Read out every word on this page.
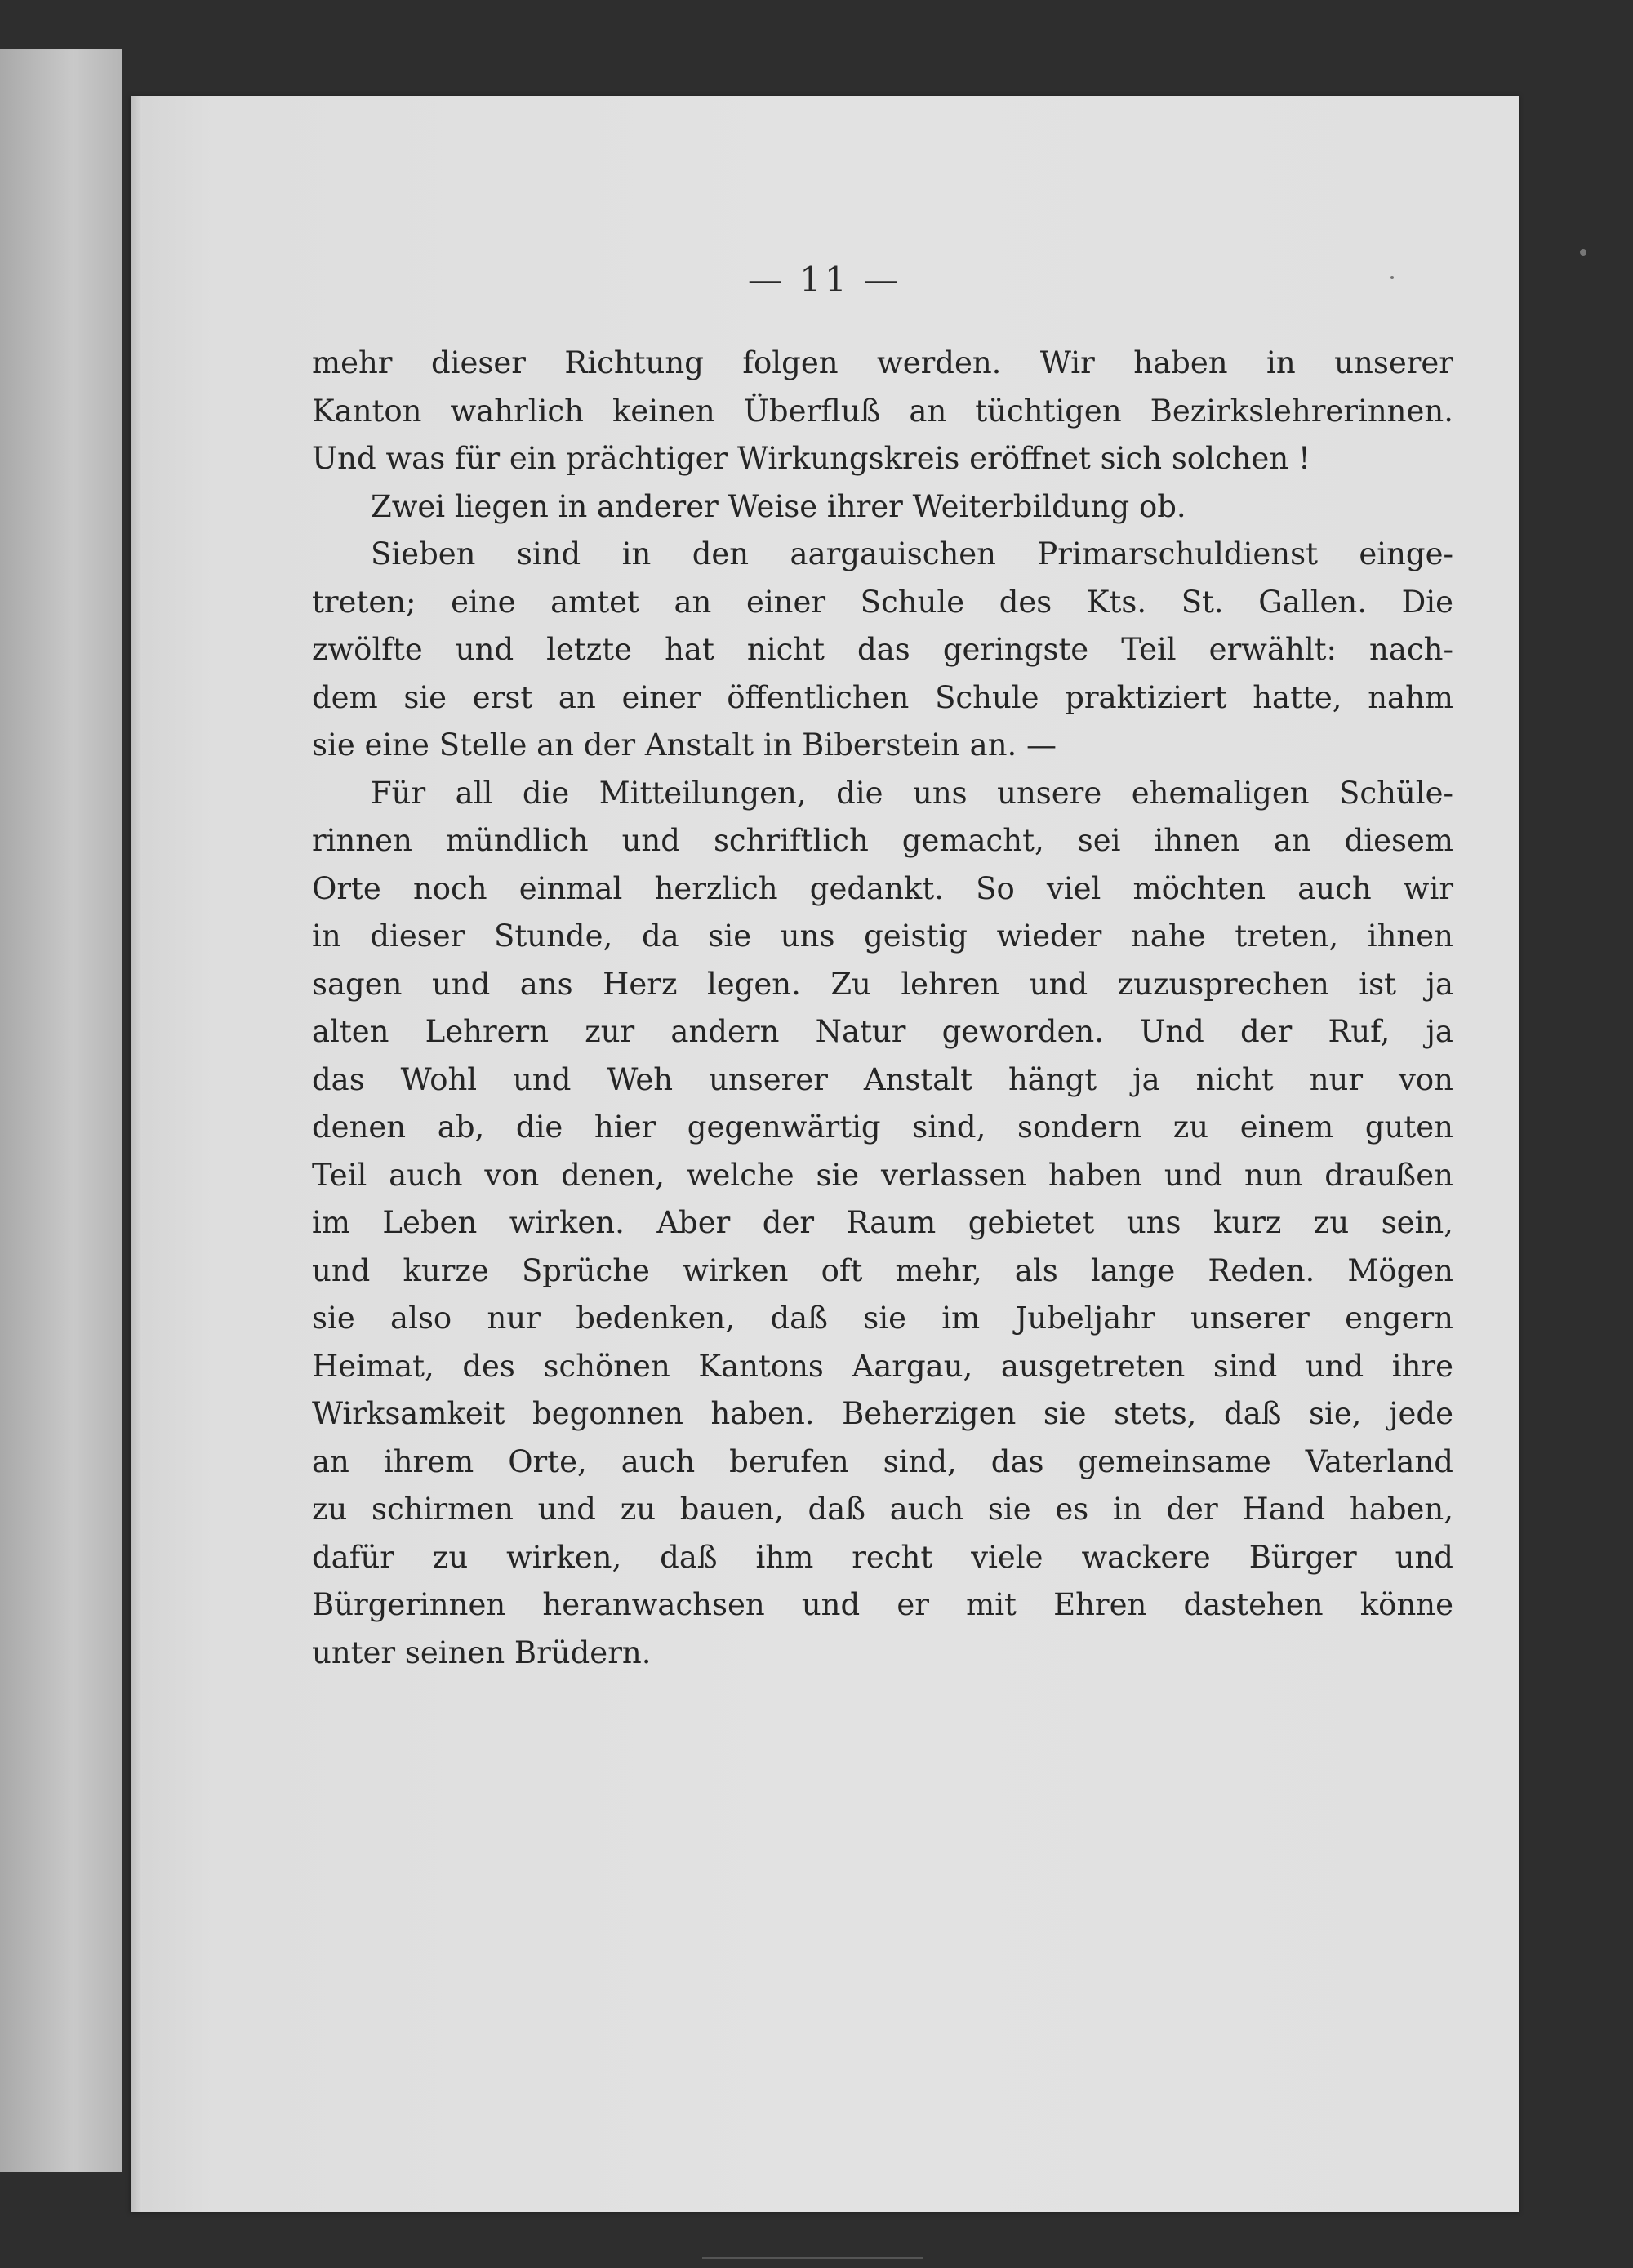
— 11 —
mehr dieser Richtung folgen werden. Wir haben in unserer
Kanton wahrlich keinen Überfluß an tüchtigen Bezirkslehrerinnen.
Und was für ein prächtiger Wirkungskreis eröffnet sich solchen !
Zwei liegen in anderer Weise ihrer Weiterbildung ob.
Sieben sind in den aargauischen Primarschuldienst einge-
treten; eine amtet an einer Schule des Kts. St. Gallen. Die
zwölfte und letzte hat nicht das geringste Teil erwählt: nach-
dem sie erst an einer öffentlichen Schule praktiziert hatte, nahm
sie eine Stelle an der Anstalt in Biberstein an. —
Für all die Mitteilungen, die uns unsere ehemaligen Schüle-
rinnen mündlich und schriftlich gemacht, sei ihnen an diesem
Orte noch einmal herzlich gedankt. So viel möchten auch wir
in dieser Stunde, da sie uns geistig wieder nahe treten, ihnen
sagen und ans Herz legen. Zu lehren und zuzusprechen ist ja
alten Lehrern zur andern Natur geworden. Und der Ruf, ja
das Wohl und Weh unserer Anstalt hängt ja nicht nur von
denen ab, die hier gegenwärtig sind, sondern zu einem guten
Teil auch von denen, welche sie verlassen haben und nun draußen
im Leben wirken. Aber der Raum gebietet uns kurz zu sein,
und kurze Sprüche wirken oft mehr, als lange Reden. Mögen
sie also nur bedenken, daß sie im Jubeljahr unserer engern
Heimat, des schönen Kantons Aargau, ausgetreten sind und ihre
Wirksamkeit begonnen haben. Beherzigen sie stets, daß sie, jede
an ihrem Orte, auch berufen sind, das gemeinsame Vaterland
zu schirmen und zu bauen, daß auch sie es in der Hand haben,
dafür zu wirken, daß ihm recht viele wackere Bürger und
Bürgerinnen heranwachsen und er mit Ehren dastehen könne
unter seinen Brüdern.
